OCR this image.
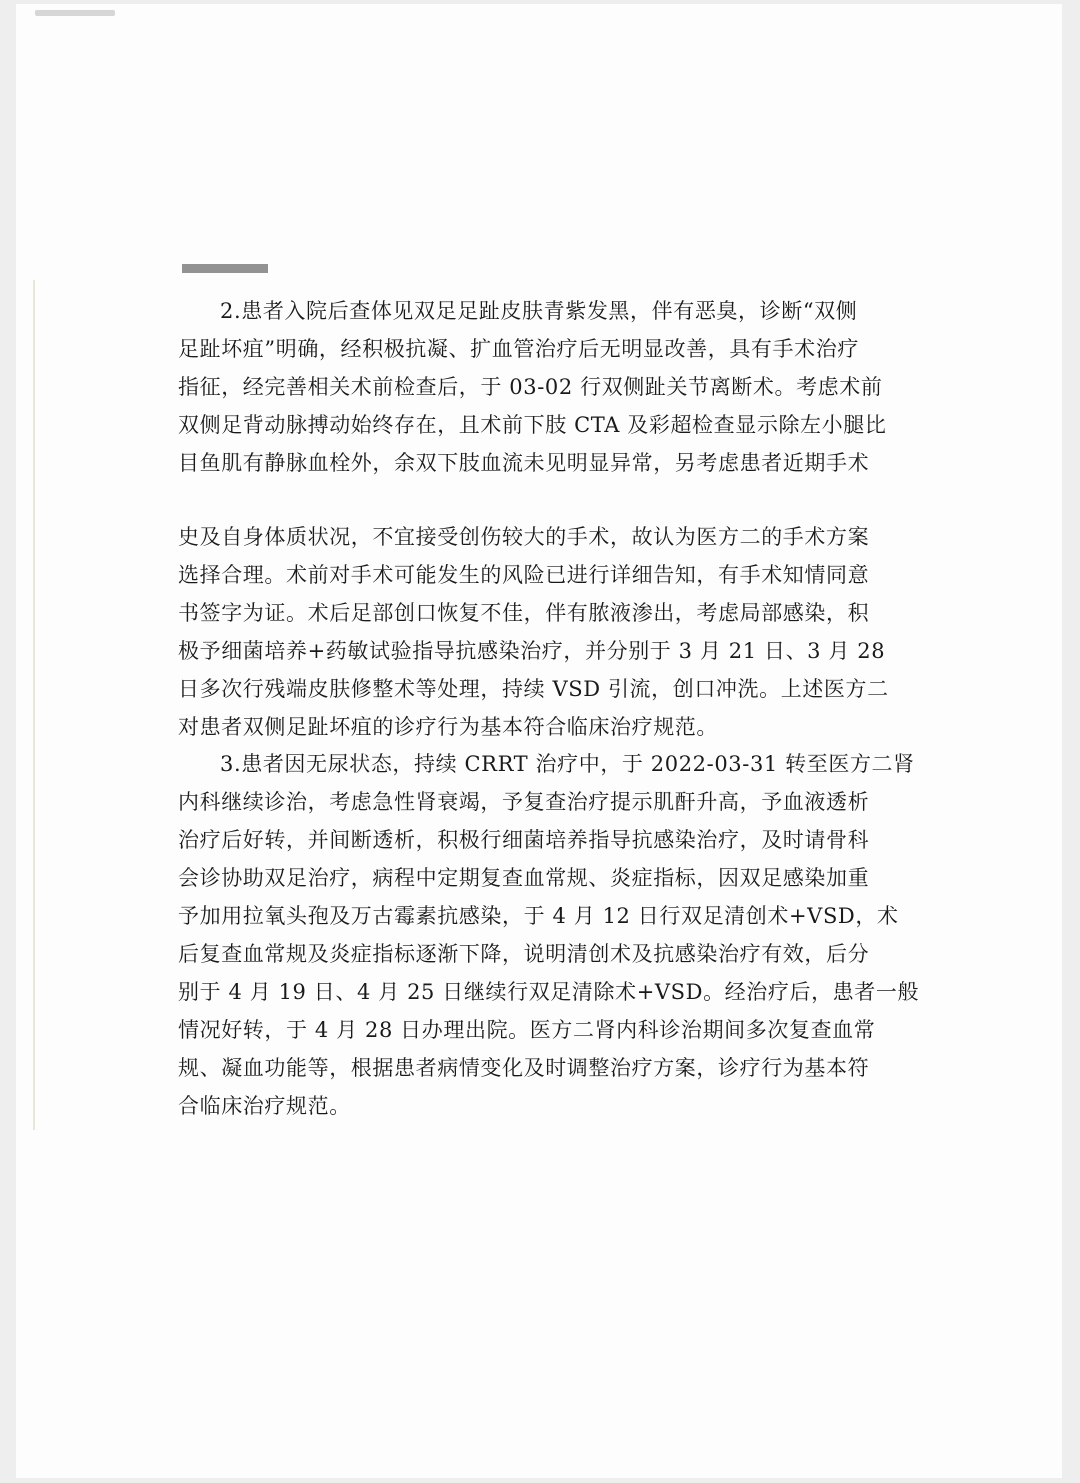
2.患者入院后查体见双足足趾皮肤青紫发黑，伴有恶臭，诊断“双侧
足趾坏疽”明确，经积极抗凝、扩血管治疗后无明显改善，具有手术治疗
指征，经完善相关术前检查后，于 03-02 行双侧趾关节离断术。考虑术前
双侧足背动脉搏动始终存在，且术前下肢 CTA 及彩超检查显示除左小腿比
目鱼肌有静脉血栓外，余双下肢血流未见明显异常，另考虑患者近期手术
史及自身体质状况，不宜接受创伤较大的手术，故认为医方二的手术方案
选择合理。术前对手术可能发生的风险已进行详细告知，有手术知情同意
书签字为证。术后足部创口恢复不佳，伴有脓液渗出，考虑局部感染，积
极予细菌培养+药敏试验指导抗感染治疗，并分别于 3 月 21 日、3 月 28
日多次行残端皮肤修整术等处理，持续 VSD 引流，创口冲洗。上述医方二
对患者双侧足趾坏疽的诊疗行为基本符合临床治疗规范。
3.患者因无尿状态，持续 CRRT 治疗中，于 2022-03-31 转至医方二肾
内科继续诊治，考虑急性肾衰竭，予复查治疗提示肌酐升高，予血液透析
治疗后好转，并间断透析，积极行细菌培养指导抗感染治疗，及时请骨科
会诊协助双足治疗，病程中定期复查血常规、炎症指标，因双足感染加重
予加用拉氧头孢及万古霉素抗感染，于 4 月 12 日行双足清创术+VSD，术
后复查血常规及炎症指标逐渐下降，说明清创术及抗感染治疗有效，后分
别于 4 月 19 日、4 月 25 日继续行双足清除术+VSD。经治疗后，患者一般
情况好转，于 4 月 28 日办理出院。医方二肾内科诊治期间多次复查血常
规、凝血功能等，根据患者病情变化及时调整治疗方案，诊疗行为基本符
合临床治疗规范。
